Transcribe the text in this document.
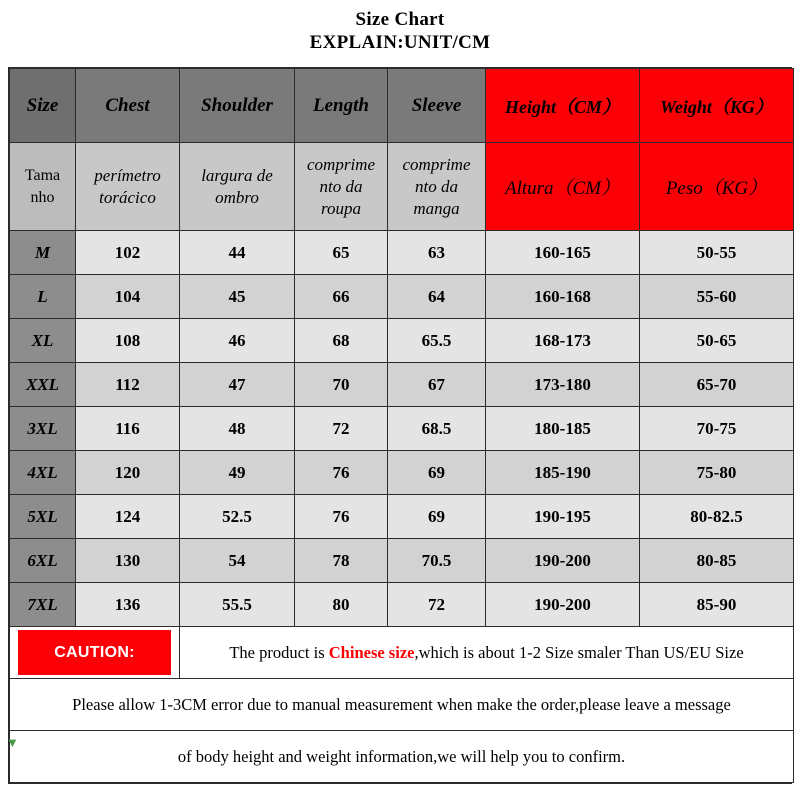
Size Chart
EXPLAIN:UNIT/CM
Size	Chest	Shoulder	Length	Sleeve	Height（CM）	Weight（KG）
Tama nho	perímetro torácico	largura de ombro	comprime nto da roupa	comprime nto da manga	Altura（CM）	Peso（KG）
M	102	44	65	63	160-165	50-55
L	104	45	66	64	160-168	55-60
XL	108	46	68	65.5	168-173	50-65
XXL	112	47	70	67	173-180	65-70
3XL	116	48	72	68.5	180-185	70-75
4XL	120	49	76	69	185-190	75-80
5XL	124	52.5	76	69	190-195	80-82.5
6XL	130	54	78	70.5	190-200	80-85
7XL	136	55.5	80	72	190-200	85-90

CAUTION:		The product is Chinese size,which is about 1-2 Size smaler Than US/EU Size				
Please allow 1-3CM error due to manual measurement when make the order,please leave a message						
of body height and weight information,we will help you to confirm.						
▼
